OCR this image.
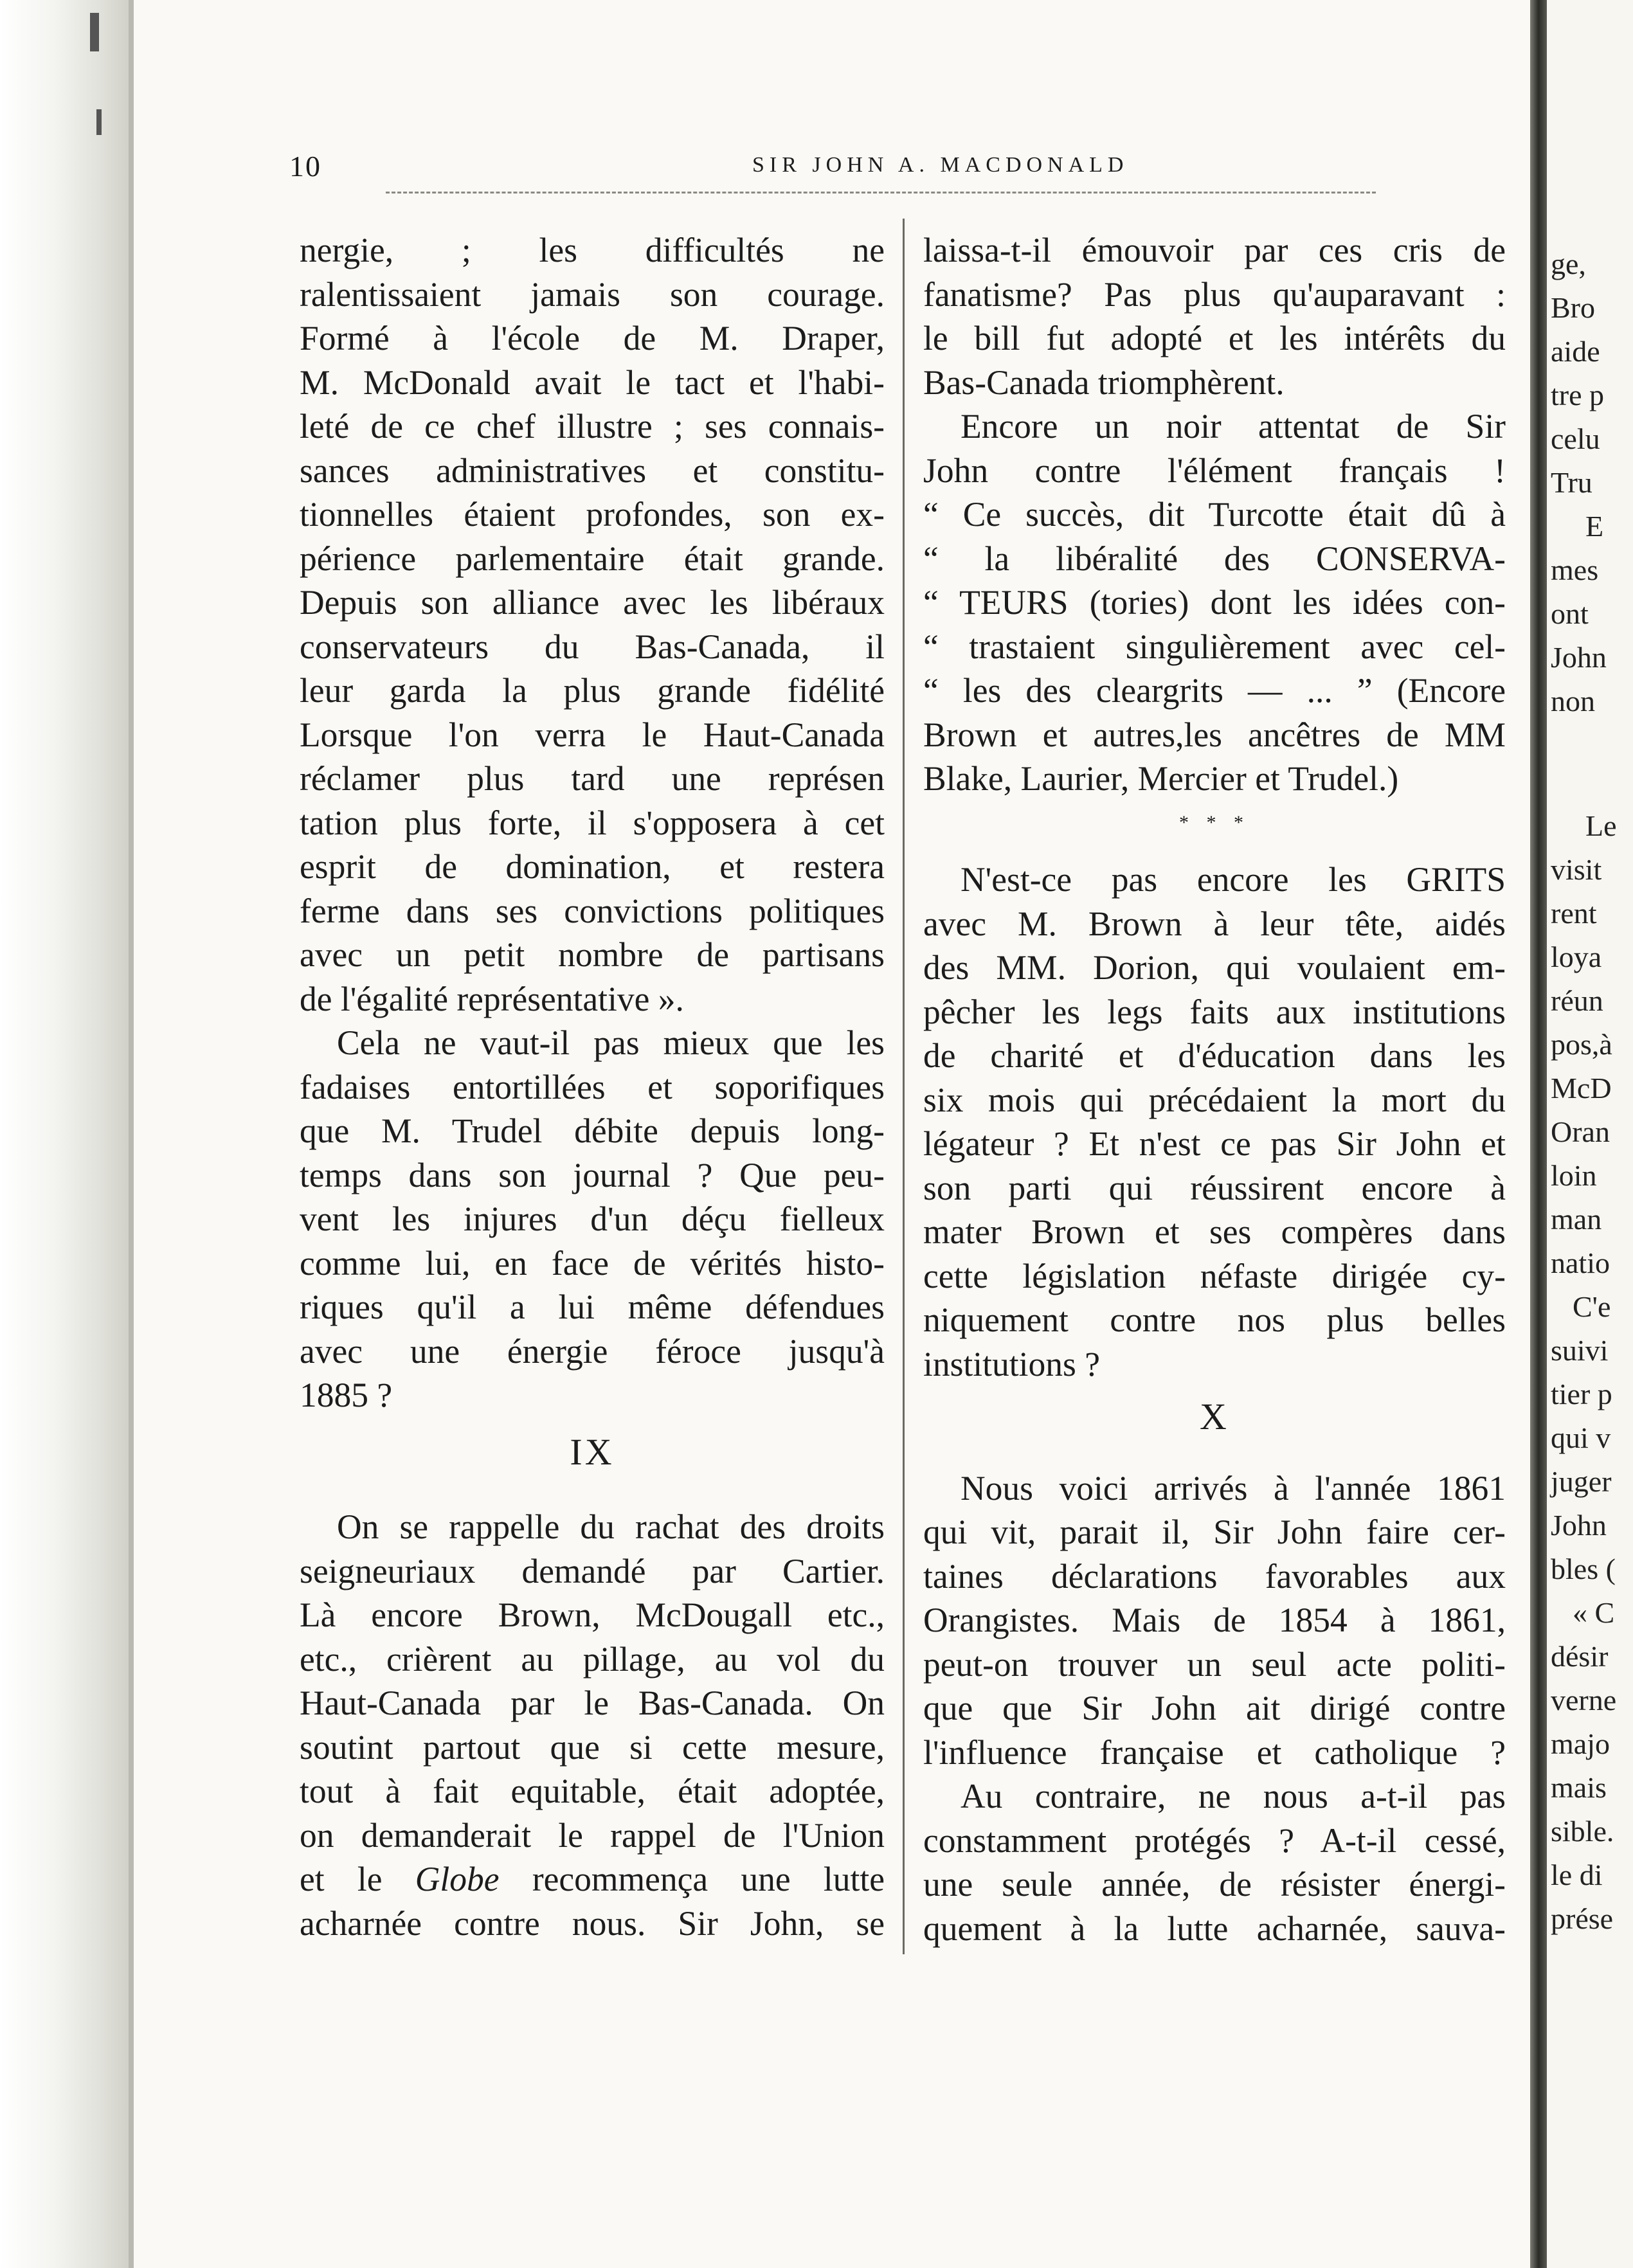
10	SIR JOHN A. MACDONALD
nergie, ; les difficultés ne
ralentissaient jamais son courage.
Formé à l'école de M. Draper,
M. McDonald avait le tact et l'habi-
leté de ce chef illustre ; ses connais-
sances administratives et constitu-
tionnelles étaient profondes, son ex-
périence parlementaire était grande.
Depuis son alliance avec les libéraux
conservateurs du Bas-Canada, il
leur garda la plus grande fidélité
Lorsque l'on verra le Haut-Canada
réclamer plus tard une représen
tation plus forte, il s'opposera à cet
esprit de domination, et restera
ferme dans ses convictions politiques
avec un petit nombre de partisans
de l'égalité représentative ».
Cela ne vaut-il pas mieux que les
fadaises entortillées et soporifiques
que M. Trudel débite depuis long-
temps dans son journal ? Que peu-
vent les injures d'un déçu fielleux
comme lui, en face de vérités histo-
riques qu'il a lui même défendues
avec une énergie féroce jusqu'à
1885 ?
IX
On se rappelle du rachat des droits
seigneuriaux demandé par Cartier.
Là encore Brown, McDougall etc.,
etc., crièrent au pillage, au vol du
Haut-Canada par le Bas-Canada. On
soutint partout que si cette mesure,
tout à fait equitable, était adoptée,
on demanderait le rappel de l'Union
et le Globe recommença une lutte
acharnée contre nous. Sir John, se
laissa-t-il émouvoir par ces cris de
fanatisme? Pas plus qu'auparavant :
le bill fut adopté et les intérêts du
Bas-Canada triomphèrent.
Encore un noir attentat de Sir
John contre l'élément français !
“ Ce succès, dit Turcotte était dû à
“ la libéralité des CONSERVA-
“ TEURS (tories) dont les idées con-
“ trastaient singulièrement avec cel-
“ les des cleargrits — ... ” (Encore
Brown et autres,les ancêtres de MM
Blake, Laurier, Mercier et Trudel.)
* * *
N'est-ce pas encore les GRITS
avec M. Brown à leur tête, aidés
des MM. Dorion, qui voulaient em-
pêcher les legs faits aux institutions
de charité et d'éducation dans les
six mois qui précédaient la mort du
légateur ? Et n'est ce pas Sir John et
son parti qui réussirent encore à
mater Brown et ses compères dans
cette législation néfaste dirigée cy-
niquement contre nos plus belles
institutions ?
X
Nous voici arrivés à l'année 1861
qui vit, parait il, Sir John faire cer-
taines déclarations favorables aux
Orangistes. Mais de 1854 à 1861,
peut-on trouver un seul acte politi-
que que Sir John ait dirigé contre
l'influence française et catholique ?
Au contraire, ne nous a-t-il pas
constamment protégés ? A-t-il cessé,
une seule année, de résister énergi-
quement à la lutte acharnée, sauva-
ge,
Bro
aide
tre p
celu
Tru
E
mes
ont
John
non
Le
visit
rent
loya
réun
pos,à
McD
Oran
loin
man
natio
C'e
suivi
tier p
qui v
juger
John
bles (
« C
désir
verne
majo
mais
sible.
le di
prése
